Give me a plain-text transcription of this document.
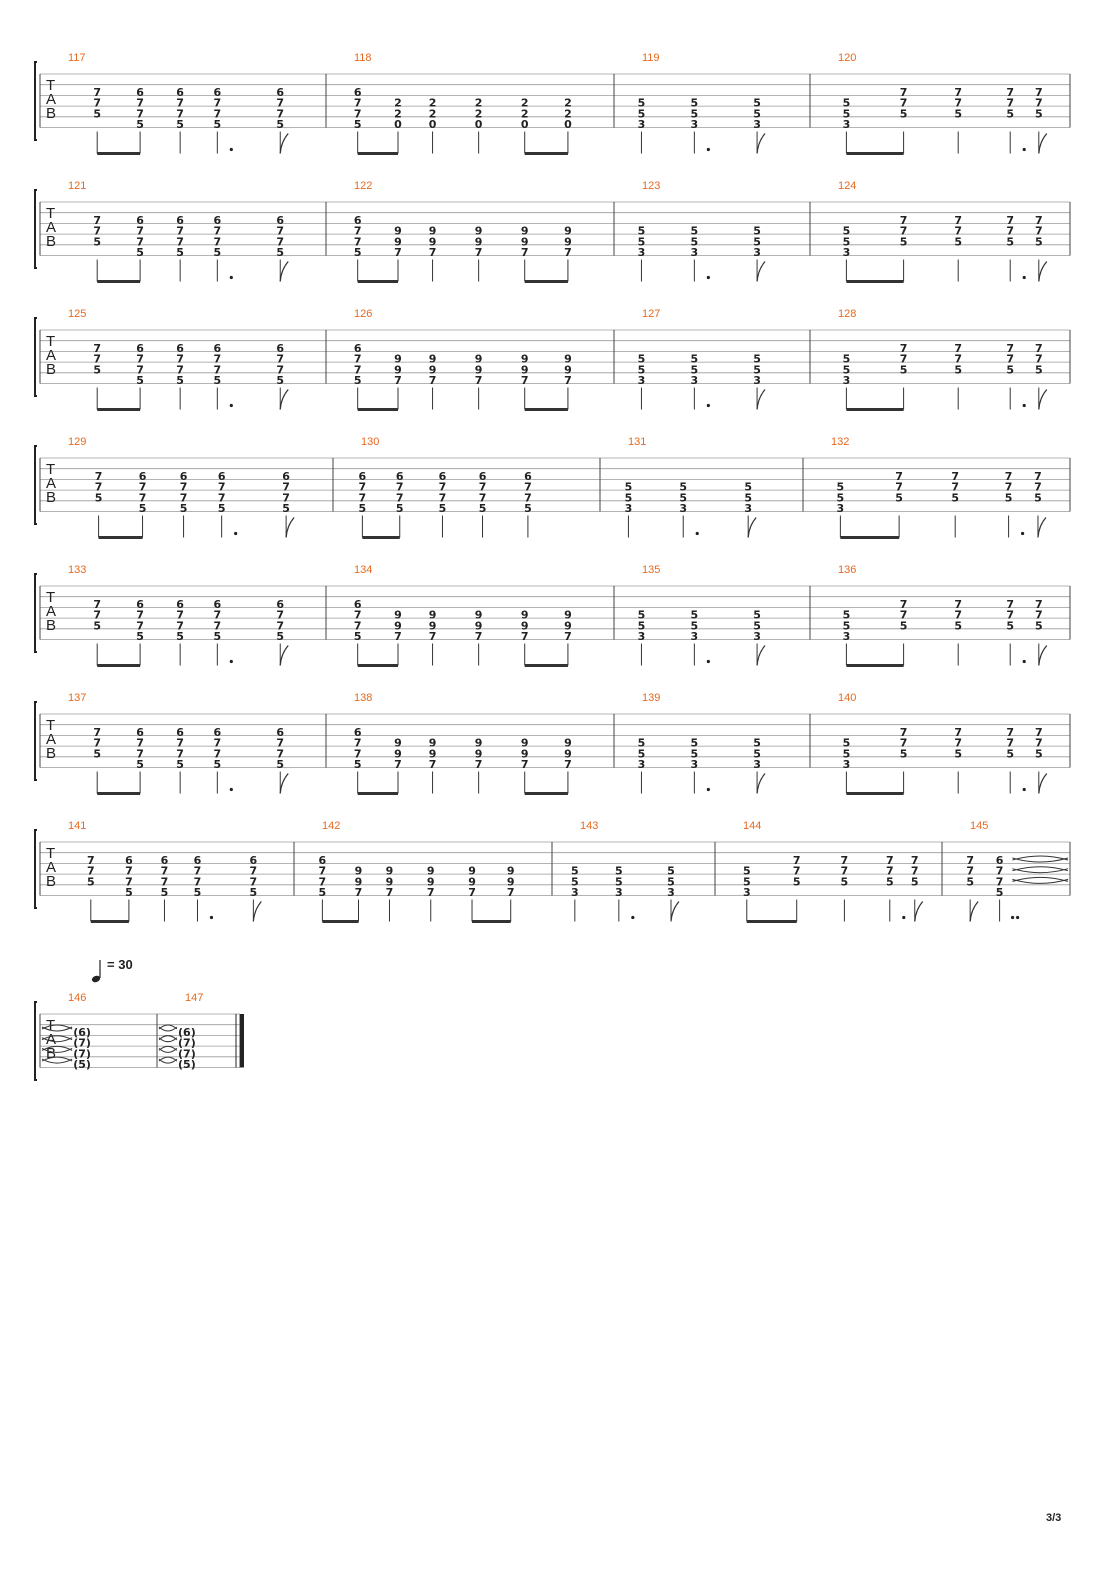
T
A
B
117
7
7
5
6
7
7
5
6
7
7
5
6
7
7
5
6
7
7
5
118
6
7
7
5
2
2
0
2
2
0
2
2
0
2
2
0
2
2
0
119
5
5
3
5
5
3
5
5
3
120
5
5
3
7
7
5
7
7
5
7
7
5
7
7
5
T
A
B
121
7
7
5
6
7
7
5
6
7
7
5
6
7
7
5
6
7
7
5
122
6
7
7
5
9
9
7
9
9
7
9
9
7
9
9
7
9
9
7
123
5
5
3
5
5
3
5
5
3
124
5
5
3
7
7
5
7
7
5
7
7
5
7
7
5
T
A
B
125
7
7
5
6
7
7
5
6
7
7
5
6
7
7
5
6
7
7
5
126
6
7
7
5
9
9
7
9
9
7
9
9
7
9
9
7
9
9
7
127
5
5
3
5
5
3
5
5
3
128
5
5
3
7
7
5
7
7
5
7
7
5
7
7
5
T
A
B
129
7
7
5
6
7
7
5
6
7
7
5
6
7
7
5
6
7
7
5
130
6
7
7
5
6
7
7
5
6
7
7
5
6
7
7
5
6
7
7
5
131
5
5
3
5
5
3
5
5
3
132
5
5
3
7
7
5
7
7
5
7
7
5
7
7
5
T
A
B
133
7
7
5
6
7
7
5
6
7
7
5
6
7
7
5
6
7
7
5
134
6
7
7
5
9
9
7
9
9
7
9
9
7
9
9
7
9
9
7
135
5
5
3
5
5
3
5
5
3
136
5
5
3
7
7
5
7
7
5
7
7
5
7
7
5
T
A
B
137
7
7
5
6
7
7
5
6
7
7
5
6
7
7
5
6
7
7
5
138
6
7
7
5
9
9
7
9
9
7
9
9
7
9
9
7
9
9
7
139
5
5
3
5
5
3
5
5
3
140
5
5
3
7
7
5
7
7
5
7
7
5
7
7
5
T
A
B
141
7
7
5
6
7
7
5
6
7
7
5
6
7
7
5
6
7
7
5
142
6
7
7
5
9
9
7
9
9
7
9
9
7
9
9
7
9
9
7
143
5
5
3
5
5
3
5
5
3
144
5
5
3
7
7
5
7
7
5
7
7
5
7
7
5
145
7
7
5
6
7
7
5
T
A
B
146
(6)
(7)
(7)
(5)
147
(6)
(7)
(7)
(5)
= 30
3/3
